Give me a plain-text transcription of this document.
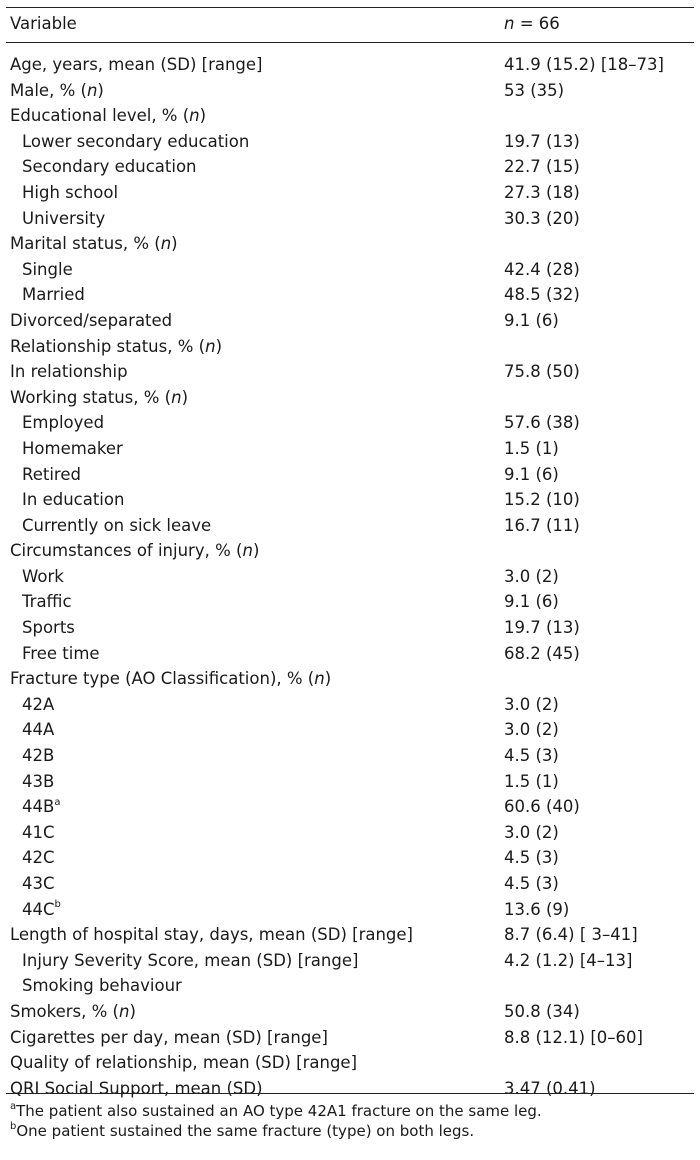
Variable	n = 66
Age, years, mean (SD) [range]	41.9 (15.2) [18–73]
Male, % (n)	53 (35)
Educational level, % (n)
Lower secondary education	19.7 (13)
Secondary education	22.7 (15)
High school	27.3 (18)
University	30.3 (20)
Marital status, % (n)
Single	42.4 (28)
Married	48.5 (32)
Divorced/separated	9.1 (6)
Relationship status, % (n)
In relationship	75.8 (50)
Working status, % (n)
Employed	57.6 (38)
Homemaker	1.5 (1)
Retired	9.1 (6)
In education	15.2 (10)
Currently on sick leave	16.7 (11)
Circumstances of injury, % (n)
Work	3.0 (2)
Traffic	9.1 (6)
Sports	19.7 (13)
Free time	68.2 (45)
Fracture type (AO Classification), % (n)
42A	3.0 (2)
44A	3.0 (2)
42B	4.5 (3)
43B	1.5 (1)
$44B^a$	60.6 (40)
41C	3.0 (2)
42C	4.5 (3)
43C	4.5 (3)
$44C^b$	13.6 (9)
Length of hospital stay, days, mean (SD) [range]	8.7 (6.4) [ 3–41]
Injury Severity Score, mean (SD) [range]	4.2 (1.2) [4–13]
Smoking behaviour
Smokers, % (n)	50.8 (34)
Cigarettes per day, mean (SD) [range]	8.8 (12.1) [0–60]
Quality of relationship, mean (SD) [range]
QRI Social Support, mean (SD)	3.47 (0.41)
$^a$The patient also sustained an AO type 42A1 fracture on the same leg.
$^b$One patient sustained the same fracture (type) on both legs.
